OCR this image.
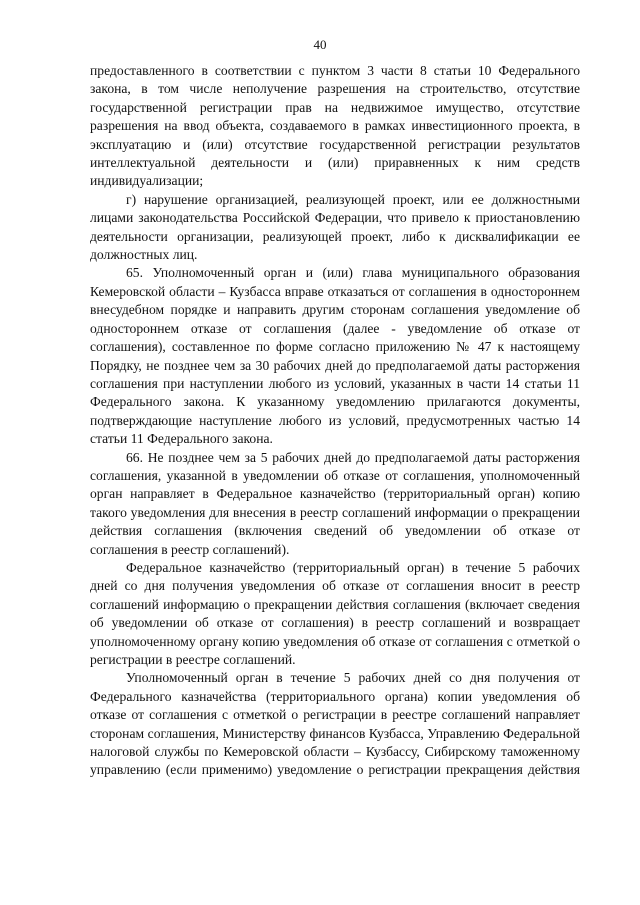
40

предоставленного в соответствии с пунктом 3 части 8 статьи 10 Федерального закона, в том числе неполучение разрешения на строительство, отсутствие государственной регистрации прав на недвижимое имущество, отсутствие разрешения на ввод объекта, создаваемого в рамках инвестиционного проекта, в эксплуатацию и (или) отсутствие государственной регистрации результатов интеллектуальной деятельности и (или) приравненных к ним средств индивидуализации;

г) нарушение организацией, реализующей проект, или ее должностными лицами законодательства Российской Федерации, что привело к приостановлению деятельности организации, реализующей проект, либо к дисквалификации ее должностных лиц.

65. Уполномоченный орган и (или) глава муниципального образования Кемеровской области – Кузбасса вправе отказаться от соглашения в одностороннем внесудебном порядке и направить другим сторонам соглашения уведомление об одностороннем отказе от соглашения (далее - уведомление об отказе от соглашения), составленное по форме согласно приложению № 47 к настоящему Порядку, не позднее чем за 30 рабочих дней до предполагаемой даты расторжения соглашения при наступлении любого из условий, указанных в части 14 статьи 11 Федерального закона. К указанному уведомлению прилагаются документы, подтверждающие наступление любого из условий, предусмотренных частью 14 статьи 11 Федерального закона.

66. Не позднее чем за 5 рабочих дней до предполагаемой даты расторжения соглашения, указанной в уведомлении об отказе от соглашения, уполномоченный орган направляет в Федеральное казначейство (территориальный орган) копию такого уведомления для внесения в реестр соглашений информации о прекращении действия соглашения (включения сведений об уведомлении об отказе от соглашения в реестр соглашений).

Федеральное казначейство (территориальный орган) в течение 5 рабочих дней со дня получения уведомления об отказе от соглашения вносит в реестр соглашений информацию о прекращении действия соглашения (включает сведения об уведомлении об отказе от соглашения) в реестр соглашений и возвращает уполномоченному органу копию уведомления об отказе от соглашения с отметкой о регистрации в реестре соглашений.

Уполномоченный орган в течение 5 рабочих дней со дня получения от Федерального казначейства (территориального органа) копии уведомления об отказе от соглашения с отметкой о регистрации в реестре соглашений направляет сторонам соглашения, Министерству финансов Кузбасса, Управлению Федеральной налоговой службы по Кемеровской области – Кузбассу, Сибирскому таможенному управлению (если применимо) уведомление о регистрации прекращения действия
